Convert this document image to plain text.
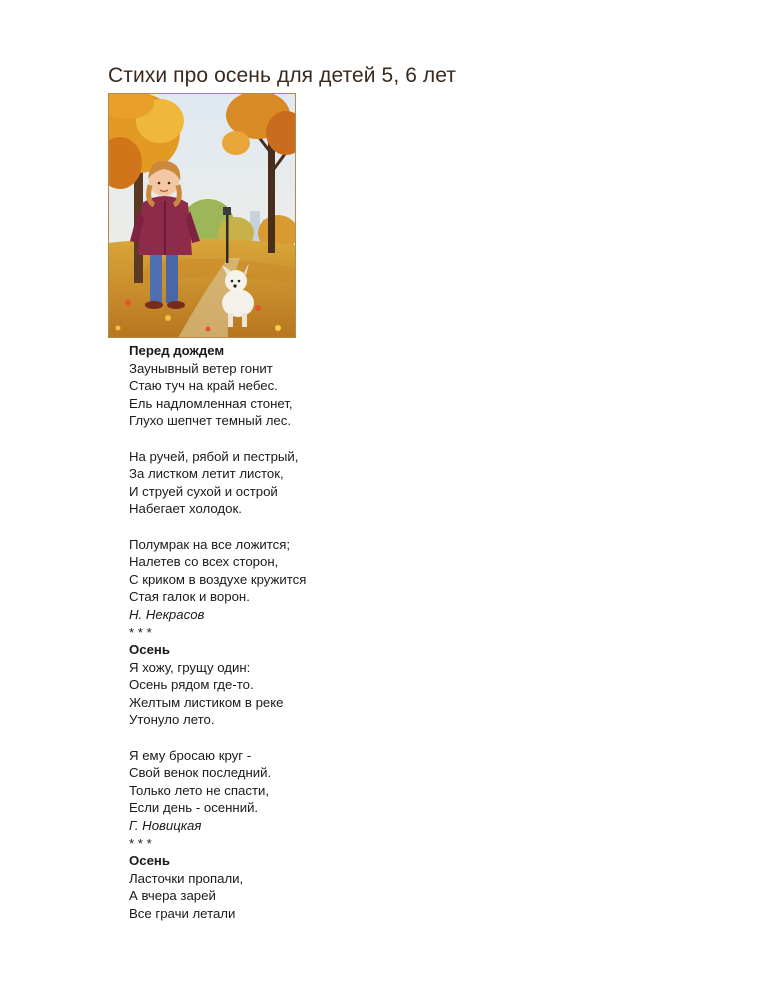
Стихи про осень для детей 5, 6 лет
Перед дождем
Заунывный ветер гонит
Стаю туч на край небес.
Ель надломленная стонет,
Глухо шепчет темный лес.
На ручей, рябой и пестрый,
За листком летит листок,
И струей сухой и острой
Набегает холодок.
Полумрак на все ложится;
Налетев со всех сторон,
С криком в воздухе кружится
Стая галок и ворон.
Н. Некрасов
* * *
Осень
Я хожу, грущу один:
Осень рядом где-то.
Желтым листиком в реке
Утонуло лето.
Я ему бросаю круг -
Свой венок последний.
Только лето не спасти,
Если день - осенний.
Г. Новицкая
* * *
Осень
Ласточки пропали,
А вчера зарей
Все грачи летали
